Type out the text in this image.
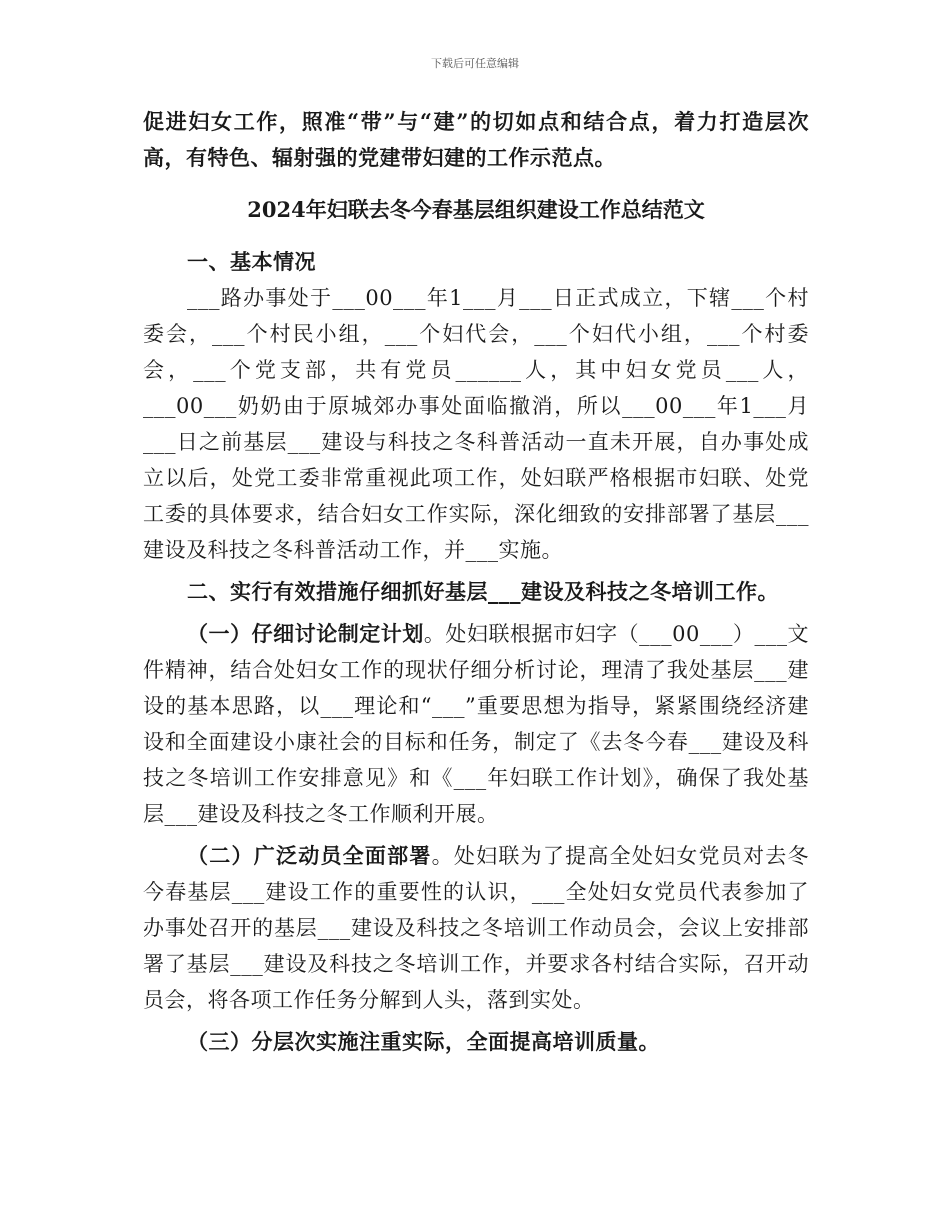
下载后可任意编辑

促进妇女工作，照准“带”与“建”的切如点和结合点，着力打造层次高，有特色、辐射强的党建带妇建的工作示范点。

2024年妇联去冬今春基层组织建设工作总结范文

一、基本情况

___路办事处于___00___年1___月___日正式成立，下辖___个村委会，___个村民小组，___个妇代会，___个妇代小组，___个村委会，___个党支部，共有党员______人，其中妇女党员___人，___00___奶奶由于原城郊办事处面临撤消，所以___00___年1___月___日之前基层___建设与科技之冬科普活动一直未开展，自办事处成立以后，处党工委非常重视此项工作，处妇联严格根据市妇联、处党工委的具体要求，结合妇女工作实际，深化细致的安排部署了基层___建设及科技之冬科普活动工作，并___实施。

二、实行有效措施仔细抓好基层___建设及科技之冬培训工作。

（一）仔细讨论制定计划。处妇联根据市妇字（___00___）___文件精神，结合处妇女工作的现状仔细分析讨论，理清了我处基层___建设的基本思路，以___理论和“___”重要思想为指导，紧紧围绕经济建设和全面建设小康社会的目标和任务，制定了《去冬今春___建设及科技之冬培训工作安排意见》和《___年妇联工作计划》，确保了我处基层___建设及科技之冬工作顺利开展。

（二）广泛动员全面部署。处妇联为了提高全处妇女党员对去冬今春基层___建设工作的重要性的认识，___全处妇女党员代表参加了办事处召开的基层___建设及科技之冬培训工作动员会，会议上安排部署了基层___建设及科技之冬培训工作，并要求各村结合实际，召开动员会，将各项工作任务分解到人头，落到实处。

（三）分层次实施注重实际，全面提高培训质量。
